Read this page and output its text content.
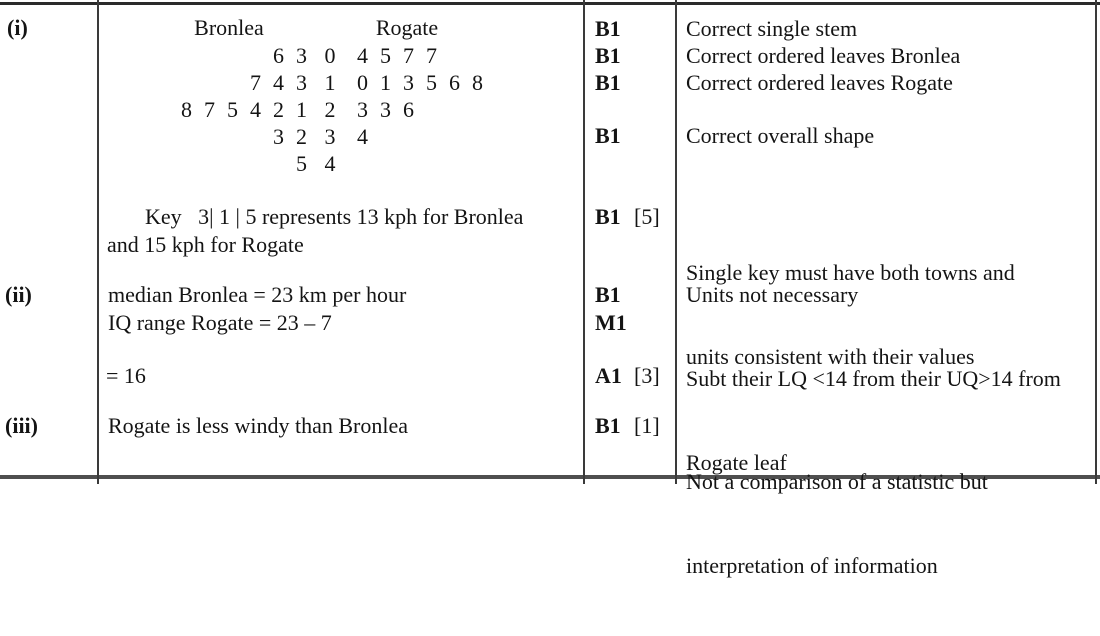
(i)
(ii)
(iii)
Bronlea	Rogate
6 3 0 4 5 7 7
7 4 3 1 0 1 3 5 6 8
8 7 5 4 2 1 2 3 3 6
3 2 3 4
5 4
Key   3| 1 | 5 represents 13 kph for Bronlea
and 15 kph for Rogate
median Bronlea = 23 km per hour
IQ range Rogate = 23 – 7
= 16
Rogate is less windy than Bronlea
B1
B1
B1
B1
B1 [5]
B1
M1
A1 [3]
B1 [1]
Correct single stem
Correct ordered leaves Bronlea
Correct ordered leaves Rogate
Correct overall shape

Single key must have both towns and

units consistent with their values

Units not necessary

Subt their LQ <14 from their UQ>14 from

Rogate leaf

Not a comparison of a statistic but

interpretation of information
